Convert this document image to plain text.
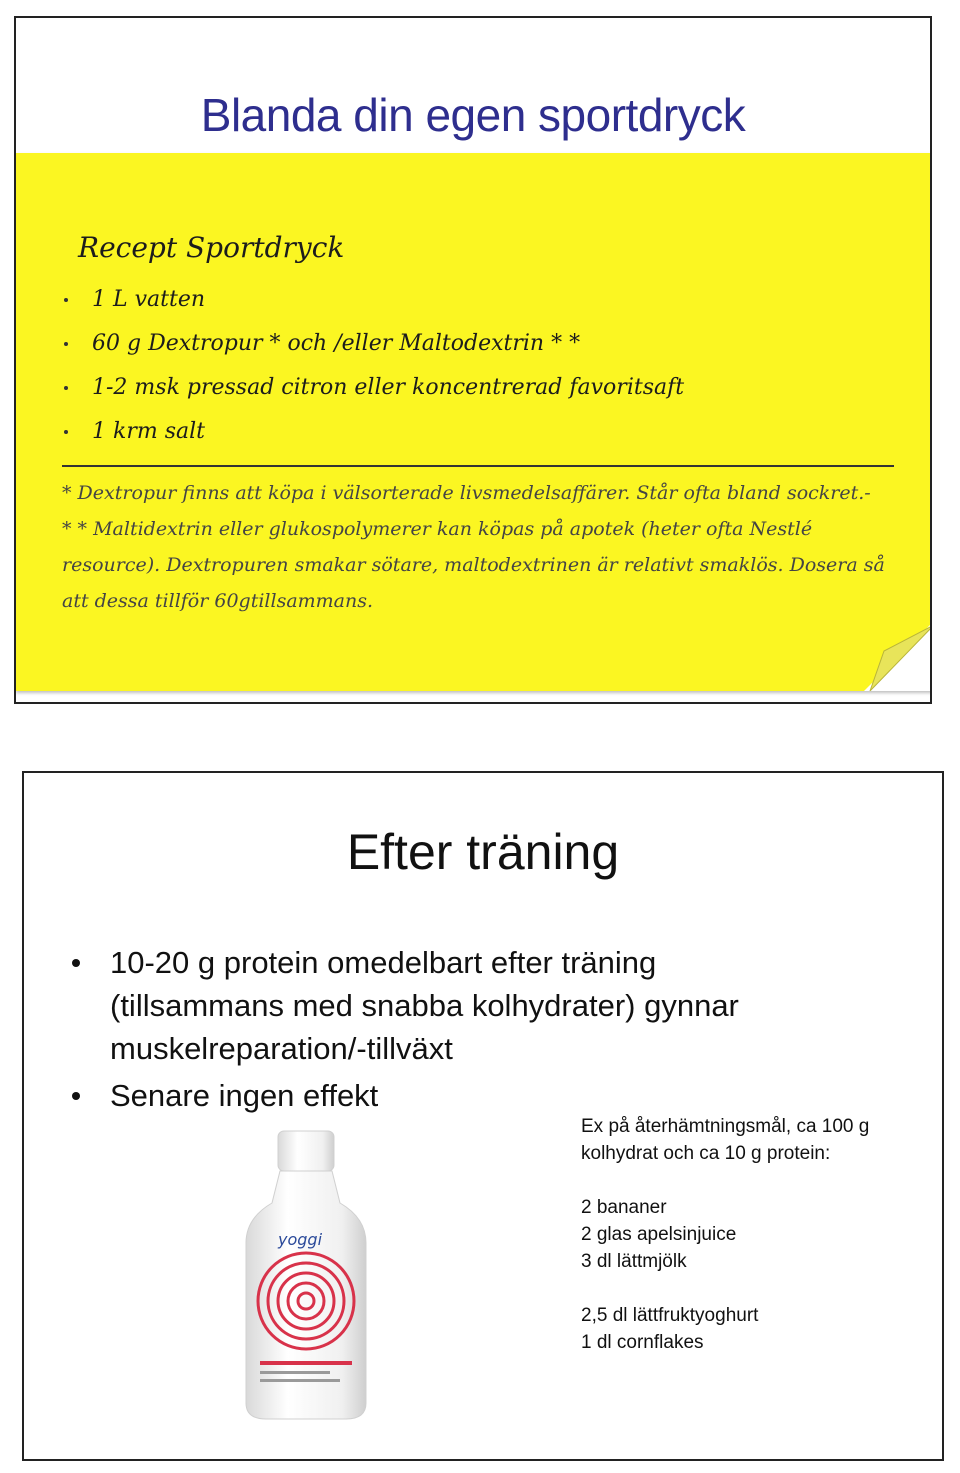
Blanda din egen sportdryck
Recept Sportdryck
1 L vatten
60 g Dextropur * och /eller Maltodextrin * *
1-2 msk pressad citron eller koncentrerad favoritsaft
1 krm salt

* Dextropur finns att köpa i välsorterade livsmedelsaffärer. Står ofta bland sockret.-

* * Maltidextrin eller glukospolymerer kan köpas på apotek (heter ofta Nestlé resource). Dextropuren smakar sötare, maltodextrinen är relativt smaklös. Dosera så att dessa tillför 60gtillsammans.

Efter träning
10-20 g protein omedelbart efter träning (tillsammans med snabba kolhydrater) gynnar muskelreparation/-tillväxt
Senare ingen effekt

Ex på återhämtningsmål, ca 100 g kolhydrat och ca 10 g protein:

2 bananer

2 glas apelsinjuice

3 dl lättmjölk

2,5 dl lättfruktyoghurt

1 dl cornflakes

yoggi
